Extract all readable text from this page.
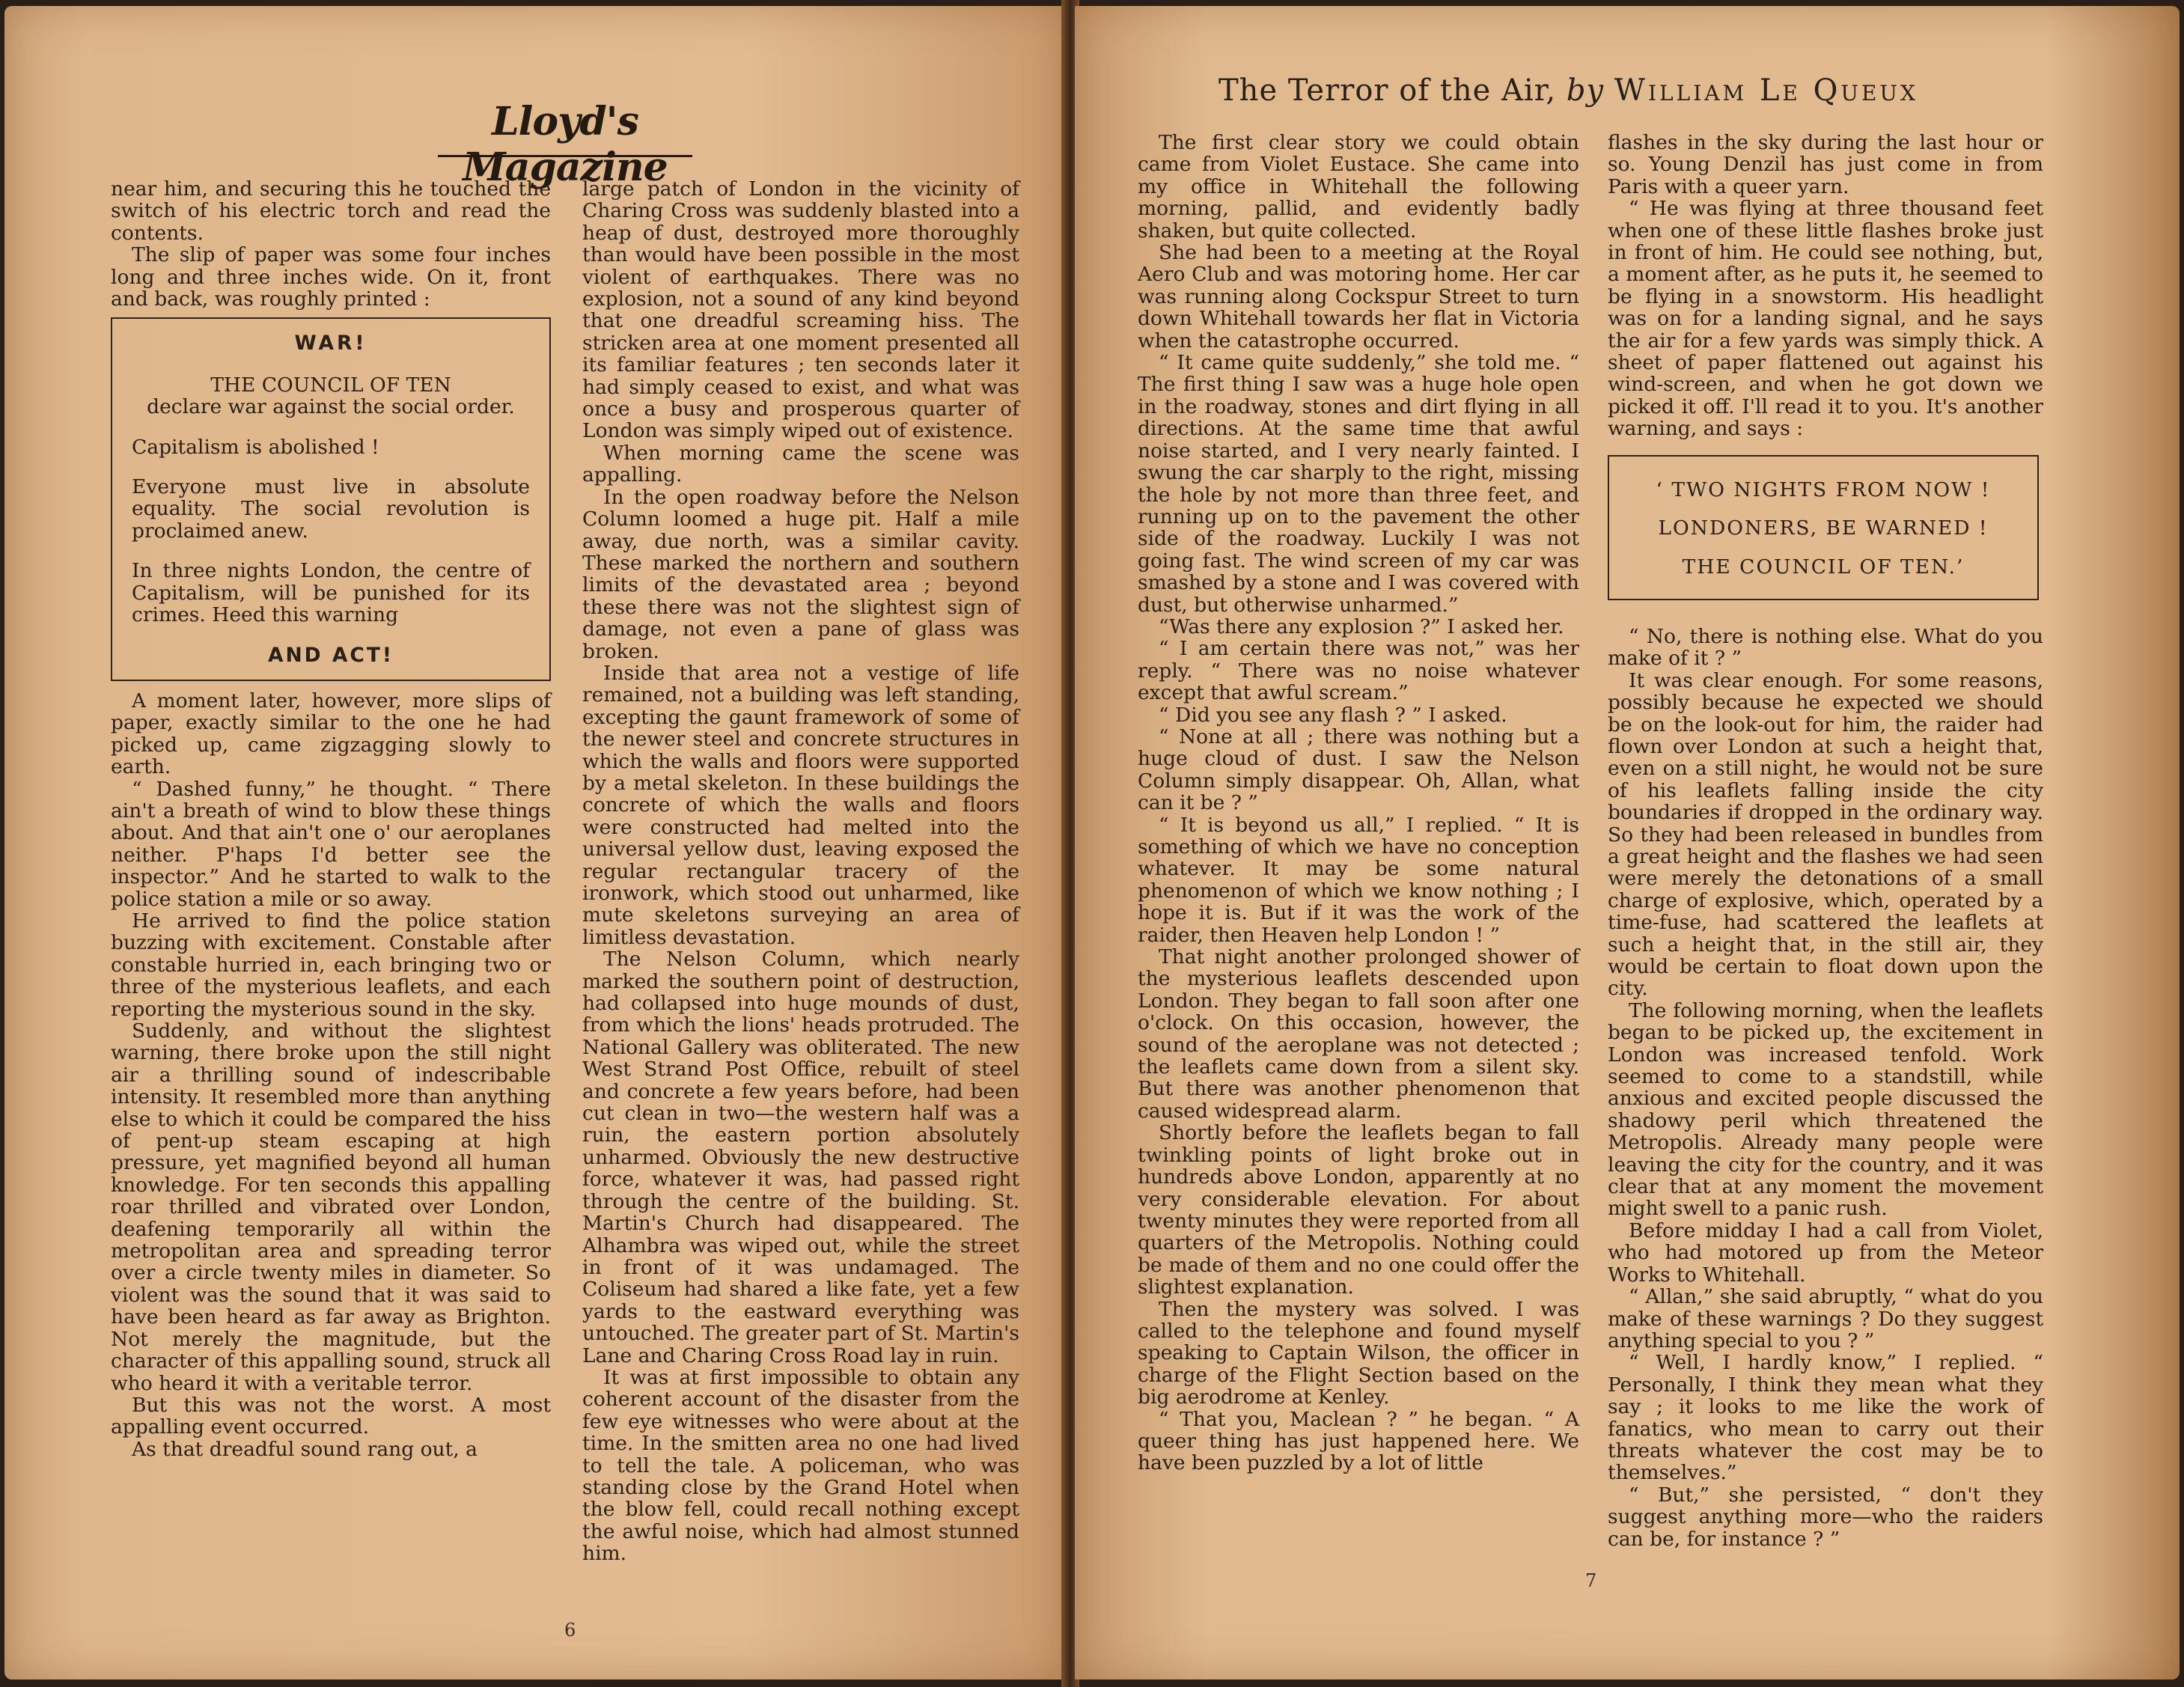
Lloyd's Magazine
The Terror of the Air, by William Le Queux

near him, and securing this he touched the switch of his electric torch and read the contents.

The slip of paper was some four inches long and three inches wide. On it, front and back, was roughly printed :

WAR!

THE COUNCIL OF TEN

declare war against the social order.

Capitalism is abolished !

Everyone must live in absolute equality. The social revolution is proclaimed anew.

In three nights London, the centre of Capitalism, will be punished for its crimes. Heed this warning

AND ACT!

A moment later, however, more slips of paper, exactly similar to the one he had picked up, came zigzagging slowly to earth.

“ Dashed funny,” he thought. “ There ain't a breath of wind to blow these things about. And that ain't one o' our aeroplanes neither. P'haps I'd better see the inspector.” And he started to walk to the police station a mile or so away.

He arrived to find the police station buzzing with excitement. Constable after constable hurried in, each bringing two or three of the mysterious leaflets, and each reporting the mysterious sound in the sky.

Suddenly, and without the slightest warning, there broke upon the still night air a thrilling sound of indescribable intensity. It resembled more than anything else to which it could be compared the hiss of pent-up steam escaping at high pressure, yet magnified beyond all human knowledge. For ten seconds this appalling roar thrilled and vibrated over London, deafening temporarily all within the metropolitan area and spreading terror over a circle twenty miles in diameter. So violent was the sound that it was said to have been heard as far away as Brighton. Not merely the magnitude, but the character of this appalling sound, struck all who heard it with a veritable terror.

But this was not the worst. A most appalling event occurred.

As that dreadful sound rang out, a

large patch of London in the vicinity of Charing Cross was suddenly blasted into a heap of dust, destroyed more thoroughly than would have been possible in the most violent of earthquakes. There was no explosion, not a sound of any kind beyond that one dreadful screaming hiss. The stricken area at one moment presented all its familiar features ; ten seconds later it had simply ceased to exist, and what was once a busy and prosperous quarter of London was simply wiped out of existence.

When morning came the scene was appalling.

In the open roadway before the Nelson Column loomed a huge pit. Half a mile away, due north, was a similar cavity. These marked the northern and southern limits of the devastated area ; beyond these there was not the slightest sign of damage, not even a pane of glass was broken.

Inside that area not a vestige of life remained, not a building was left standing, excepting the gaunt framework of some of the newer steel and concrete structures in which the walls and floors were supported by a metal skeleton. In these buildings the concrete of which the walls and floors were constructed had melted into the universal yellow dust, leaving exposed the regular rectangular tracery of the ironwork, which stood out unharmed, like mute skeletons surveying an area of limitless devastation.

The Nelson Column, which nearly marked the southern point of destruction, had collapsed into huge mounds of dust, from which the lions' heads protruded. The National Gallery was obliterated. The new West Strand Post Office, rebuilt of steel and concrete a few years before, had been cut clean in two—the western half was a ruin, the eastern portion absolutely unharmed. Obviously the new destructive force, whatever it was, had passed right through the centre of the building. St. Martin's Church had disappeared. The Alhambra was wiped out, while the street in front of it was undamaged. The Coliseum had shared a like fate, yet a few yards to the eastward everything was untouched. The greater part of St. Martin's Lane and Charing Cross Road lay in ruin.

It was at first impossible to obtain any coherent account of the disaster from the few eye witnesses who were about at the time. In the smitten area no one had lived to tell the tale. A policeman, who was standing close by the Grand Hotel when the blow fell, could recall nothing except the awful noise, which had almost stunned him.

6

The first clear story we could obtain came from Violet Eustace. She came into my office in Whitehall the following morning, pallid, and evidently badly shaken, but quite collected.

She had been to a meeting at the Royal Aero Club and was motoring home. Her car was running along Cockspur Street to turn down Whitehall towards her flat in Victoria when the catastrophe occurred.

“ It came quite suddenly,” she told me. “ The first thing I saw was a huge hole open in the roadway, stones and dirt flying in all directions. At the same time that awful noise started, and I very nearly fainted. I swung the car sharply to the right, missing the hole by not more than three feet, and running up on to the pavement the other side of the roadway. Luckily I was not going fast. The wind screen of my car was smashed by a stone and I was covered with dust, but otherwise unharmed.”

“Was there any explosion ?” I asked her.

“ I am certain there was not,” was her reply. “ There was no noise whatever except that awful scream.”

“ Did you see any flash ? ” I asked.

“ None at all ; there was nothing but a huge cloud of dust. I saw the Nelson Column simply disappear. Oh, Allan, what can it be ? ”

“ It is beyond us all,” I replied. “ It is something of which we have no conception whatever. It may be some natural phenomenon of which we know nothing ; I hope it is. But if it was the work of the raider, then Heaven help London ! ”

That night another prolonged shower of the mysterious leaflets descended upon London. They began to fall soon after one o'clock. On this occasion, however, the sound of the aeroplane was not detected ; the leaflets came down from a silent sky. But there was another phenomenon that caused widespread alarm.

Shortly before the leaflets began to fall twinkling points of light broke out in hundreds above London, apparently at no very considerable elevation. For about twenty minutes they were reported from all quarters of the Metropolis. Nothing could be made of them and no one could offer the slightest explanation.

Then the mystery was solved. I was called to the telephone and found myself speaking to Captain Wilson, the officer in charge of the Flight Section based on the big aerodrome at Kenley.

“ That you, Maclean ? ” he began. “ A queer thing has just happened here. We have been puzzled by a lot of little

flashes in the sky during the last hour or so. Young Denzil has just come in from Paris with a queer yarn.

“ He was flying at three thousand feet when one of these little flashes broke just in front of him. He could see nothing, but, a moment after, as he puts it, he seemed to be flying in a snowstorm. His headlight was on for a landing signal, and he says the air for a few yards was simply thick. A sheet of paper flattened out against his wind-screen, and when he got down we picked it off. I'll read it to you. It's another warning, and says :

‘ TWO NIGHTS FROM NOW !

LONDONERS, BE WARNED !

THE COUNCIL OF TEN.’

“ No, there is nothing else. What do you make of it ? ”

It was clear enough. For some reasons, possibly because he expected we should be on the look-out for him, the raider had flown over London at such a height that, even on a still night, he would not be sure of his leaflets falling inside the city boundaries if dropped in the ordinary way. So they had been released in bundles from a great height and the flashes we had seen were merely the detonations of a small charge of explosive, which, operated by a time-fuse, had scattered the leaflets at such a height that, in the still air, they would be certain to float down upon the city.

The following morning, when the leaflets began to be picked up, the excitement in London was increased tenfold. Work seemed to come to a standstill, while anxious and excited people discussed the shadowy peril which threatened the Metropolis. Already many people were leaving the city for the country, and it was clear that at any moment the movement might swell to a panic rush.

Before midday I had a call from Violet, who had motored up from the Meteor Works to Whitehall.

“ Allan,” she said abruptly, “ what do you make of these warnings ? Do they suggest anything special to you ? ”

“ Well, I hardly know,” I replied. “ Personally, I think they mean what they say ; it looks to me like the work of fanatics, who mean to carry out their threats whatever the cost may be to themselves.”

“ But,” she persisted, “ don't they suggest anything more—who the raiders can be, for instance ? ”

7
